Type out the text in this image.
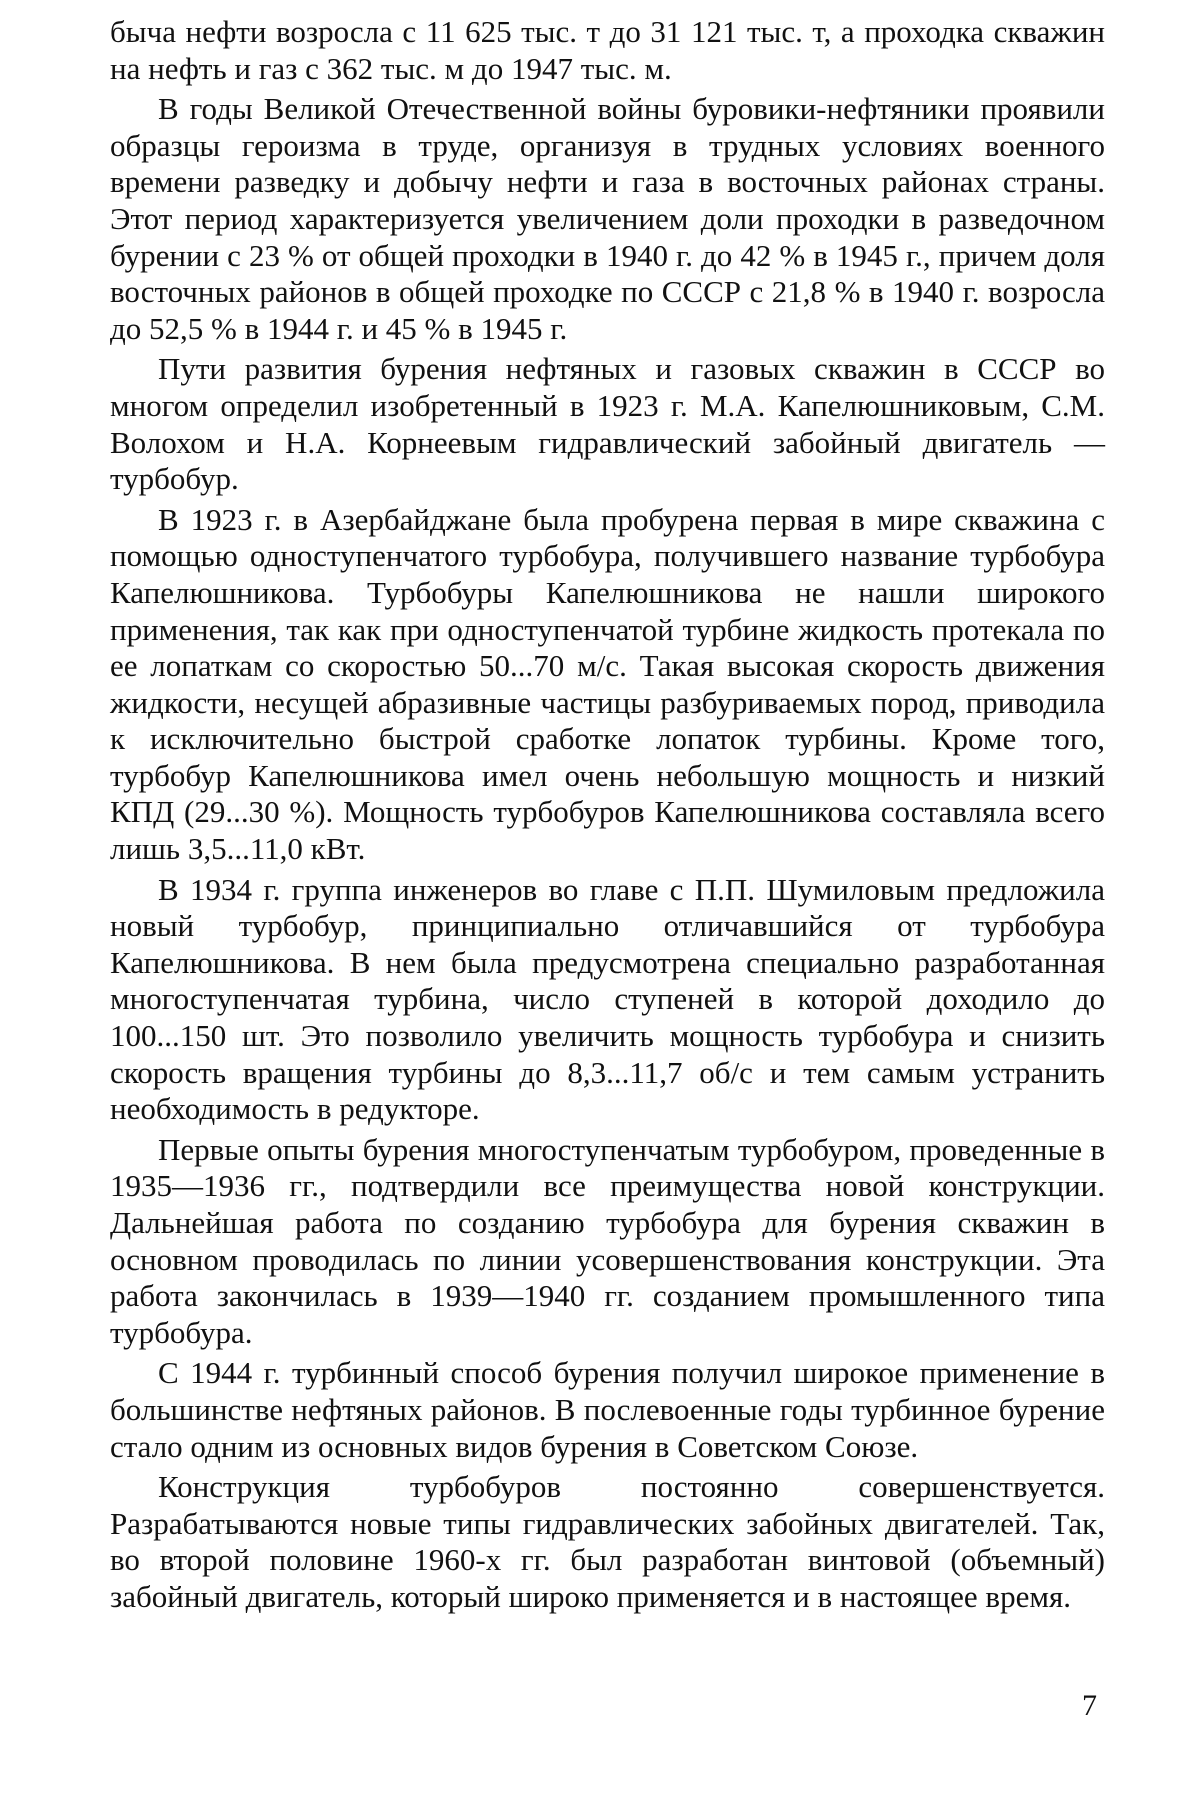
быча нефти возросла с 11 625 тыс. т до 31 121 тыс. т, а проходка скважин на нефть и газ с 362 тыс. м до 1947 тыс. м.

В годы Великой Отечественной войны буровики-нефтяники проявили образцы героизма в труде, организуя в трудных условиях военного времени разведку и добычу нефти и газа в восточных районах страны. Этот период характеризуется увеличением доли проходки в разведочном бурении с 23 % от общей проходки в 1940 г. до 42 % в 1945 г., причем доля восточных районов в общей проходке по СССР с 21,8 % в 1940 г. возросла до 52,5 % в 1944 г. и 45 % в 1945 г.

Пути развития бурения нефтяных и газовых скважин в СССР во многом определил изобретенный в 1923 г. М.А. Капелюшниковым, С.М. Волохом и Н.А. Корнеевым гидравлический забойный двигатель — турбобур.

В 1923 г. в Азербайджане была пробурена первая в мире скважина с помощью одноступенчатого турбобура, получившего название турбобура Капелюшникова. Турбобуры Капелюшникова не нашли широкого применения, так как при одноступенчатой турбине жидкость протекала по ее лопаткам со скоростью 50...70 м/с. Такая высокая скорость движения жидкости, несущей абразивные частицы разбуриваемых пород, приводила к исключительно быстрой сработке лопаток турбины. Кроме того, турбобур Капелюшникова имел очень небольшую мощность и низкий КПД (29...30 %). Мощность турбобуров Капелюшникова составляла всего лишь 3,5...11,0 кВт.

В 1934 г. группа инженеров во главе с П.П. Шумиловым предложила новый турбобур, принципиально отличавшийся от турбобура Капелюшникова. В нем была предусмотрена специально разработанная многоступенчатая турбина, число ступеней в которой доходило до 100...150 шт. Это позволило увеличить мощность турбобура и снизить скорость вращения турбины до 8,3...11,7 об/с и тем самым устранить необходимость в редукторе.

Первые опыты бурения многоступенчатым турбобуром, проведенные в 1935—1936 гг., подтвердили все преимущества новой конструкции. Дальнейшая работа по созданию турбобура для бурения скважин в основном проводилась по линии усовершенствования конструкции. Эта работа закончилась в 1939—1940 гг. созданием промышленного типа турбобура.

С 1944 г. турбинный способ бурения получил широкое применение в большинстве нефтяных районов. В послевоенные годы турбинное бурение стало одним из основных видов бурения в Советском Союзе.

Конструкция турбобуров постоянно совершенствуется. Разрабатываются новые типы гидравлических забойных двигателей. Так, во второй половине 1960-х гг. был разработан винтовой (объемный) забойный двигатель, который широко применяется и в настоящее время.

7
